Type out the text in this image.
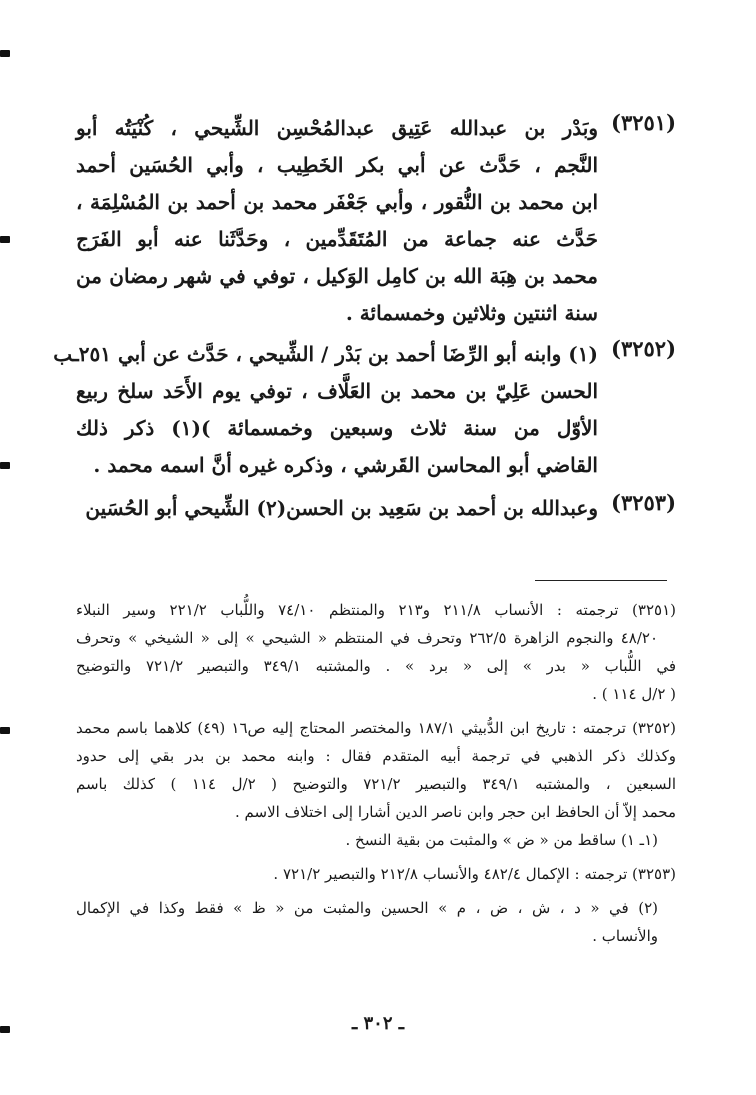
(٣٢٥١)
وبَدْر بن عبدالله عَتِيق عبدالمُحْسِن الشِّيحي ، كُنْيَتُه أبو
النَّجم ، حَدَّث عن أبي بكر الخَطِيب ، وأبي الحُسَين أحمد
ابن محمد بن النُّقور ، وأبي جَعْفَر محمد بن أحمد بن المُسْلِمَة ،
حَدَّث عنه جماعة من المُتَقَدِّمين ، وحَدَّثَنا عنه أبو الفَرَج
محمد بن هِبَة الله بن كامِل الوَكيل ، توفي في شهر رمضان من
سنة اثنتين وثلاثين وخمسمائة .
(٣٢٥٢)
(١) وابنه أبو الرِّضَا أحمد بن بَدْر / الشِّيحي ، حَدَّث عن أبي ٢٥١ـب
الحسن عَلِيّ بن محمد بن العَلَّاف ، توفي يوم الأَحَد سلخ ربيع
الأوّل من سنة ثلاث وسبعين وخمسمائة )(١) ذكر ذلك
القاضي أبو المحاسن القَرشي ، وذكره غيره أنَّ اسمه محمد .
(٣٢٥٣)
وعبدالله بن أحمد بن سَعِيد بن الحسن(٢) الشِّيحي أبو الحُسَين
(٣٢٥١) ترجمته : الأنساب ٢١١/٨ و٢١٣ والمنتظم ٧٤/١٠ واللُّباب ٢٢١/٢ وسير النبلاء
٤٨/٢٠ والنجوم الزاهرة ٢٦٢/٥ وتحرف في المنتظم « الشيحي » إلى « الشيخي » وتحرف
في اللُّباب « بدر » إلى « برد » . والمشتبه ٣٤٩/١ والتبصير ٧٢١/٢ والتوضيح
( ٢/ل ١١٤ ) .
(٣٢٥٢) ترجمته : تاريخ ابن الدُّبيثي ١٨٧/١ والمختصر المحتاج إليه ص١٦ (٤٩) كلاهما باسم محمد
وكذلك ذكر الذهبي في ترجمة أبيه المتقدم فقال : وابنه محمد بن بدر بقي إلى حدود
السبعين ، والمشتبه ٣٤٩/١ والتبصير ٧٢١/٢ والتوضيح ( ٢/ل ١١٤ ) كذلك باسم
محمد إلاّ أن الحافظ ابن حجر وابن ناصر الدين أشارا إلى اختلاف الاسم .
(١ـ ١) ساقط من « ض » والمثبت من بقية النسخ .
(٣٢٥٣) ترجمته : الإكمال ٤٨٢/٤ والأنساب ٢١٢/٨ والتبصير ٧٢١/٢ .
(٢) في « د ، ش ، ض ، م » الحسين والمثبت من « ظ » فقط وكذا في الإكمال
والأنساب .
ـ ٣٠٢ ـ
